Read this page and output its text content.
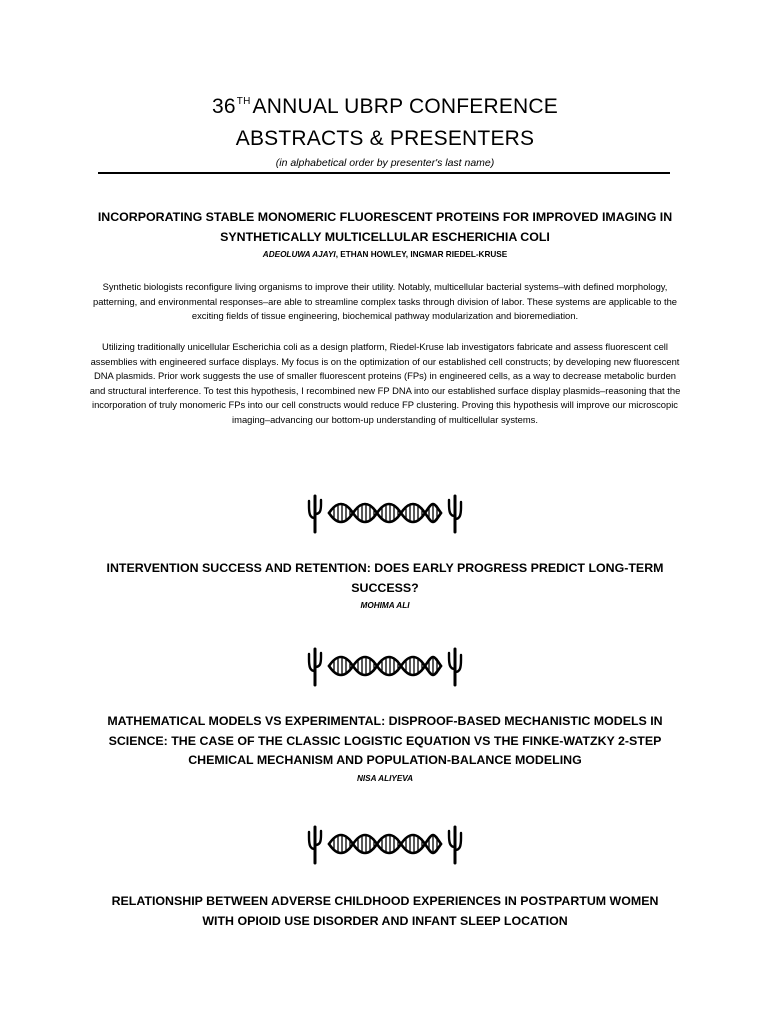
36THANNUAL UBRP CONFERENCE
ABSTRACTS & PRESENTERS
(in alphabetical order by presenter's last name)
INCORPORATING STABLE MONOMERIC FLUORESCENT PROTEINS FOR IMPROVED IMAGING IN
SYNTHETICALLY MULTICELLULAR ESCHERICHIA COLI
ADEOLUWA AJAYI, ETHAN HOWLEY, INGMAR RIEDEL-KRUSE

Synthetic biologists reconfigure living organisms to improve their utility. Notably, multicellular bacterial systems–with defined morphology, patterning, and environmental responses–are able to streamline complex tasks through division of labor. These systems are applicable to the exciting fields of tissue engineering, biochemical pathway modularization and bioremediation.

Utilizing traditionally unicellular Escherichia coli as a design platform, Riedel-Kruse lab investigators fabricate and assess fluorescent cell assemblies with engineered surface displays. My focus is on the optimization of our established cell constructs; by developing new fluorescent DNA plasmids. Prior work suggests the use of smaller fluorescent proteins (FPs) in engineered cells, as a way to decrease metabolic burden and structural interference. To test this hypothesis, I recombined new FP DNA into our established surface display plasmids–reasoning that the incorporation of truly monomeric FPs into our cell constructs would reduce FP clustering. Proving this hypothesis will improve our microscopic imaging–advancing our bottom-up understanding of multicellular systems.

INTERVENTION SUCCESS AND RETENTION: DOES EARLY PROGRESS PREDICT LONG-TERM
SUCCESS?
MOHIMA ALI
MATHEMATICAL MODELS VS EXPERIMENTAL: DISPROOF-BASED MECHANISTIC MODELS IN
SCIENCE: THE CASE OF THE CLASSIC LOGISTIC EQUATION VS THE FINKE-WATZKY 2-STEP
CHEMICAL MECHANISM AND POPULATION-BALANCE MODELING
NISA ALIYEVA
RELATIONSHIP BETWEEN ADVERSE CHILDHOOD EXPERIENCES IN POSTPARTUM WOMEN
WITH OPIOID USE DISORDER AND INFANT SLEEP LOCATION
